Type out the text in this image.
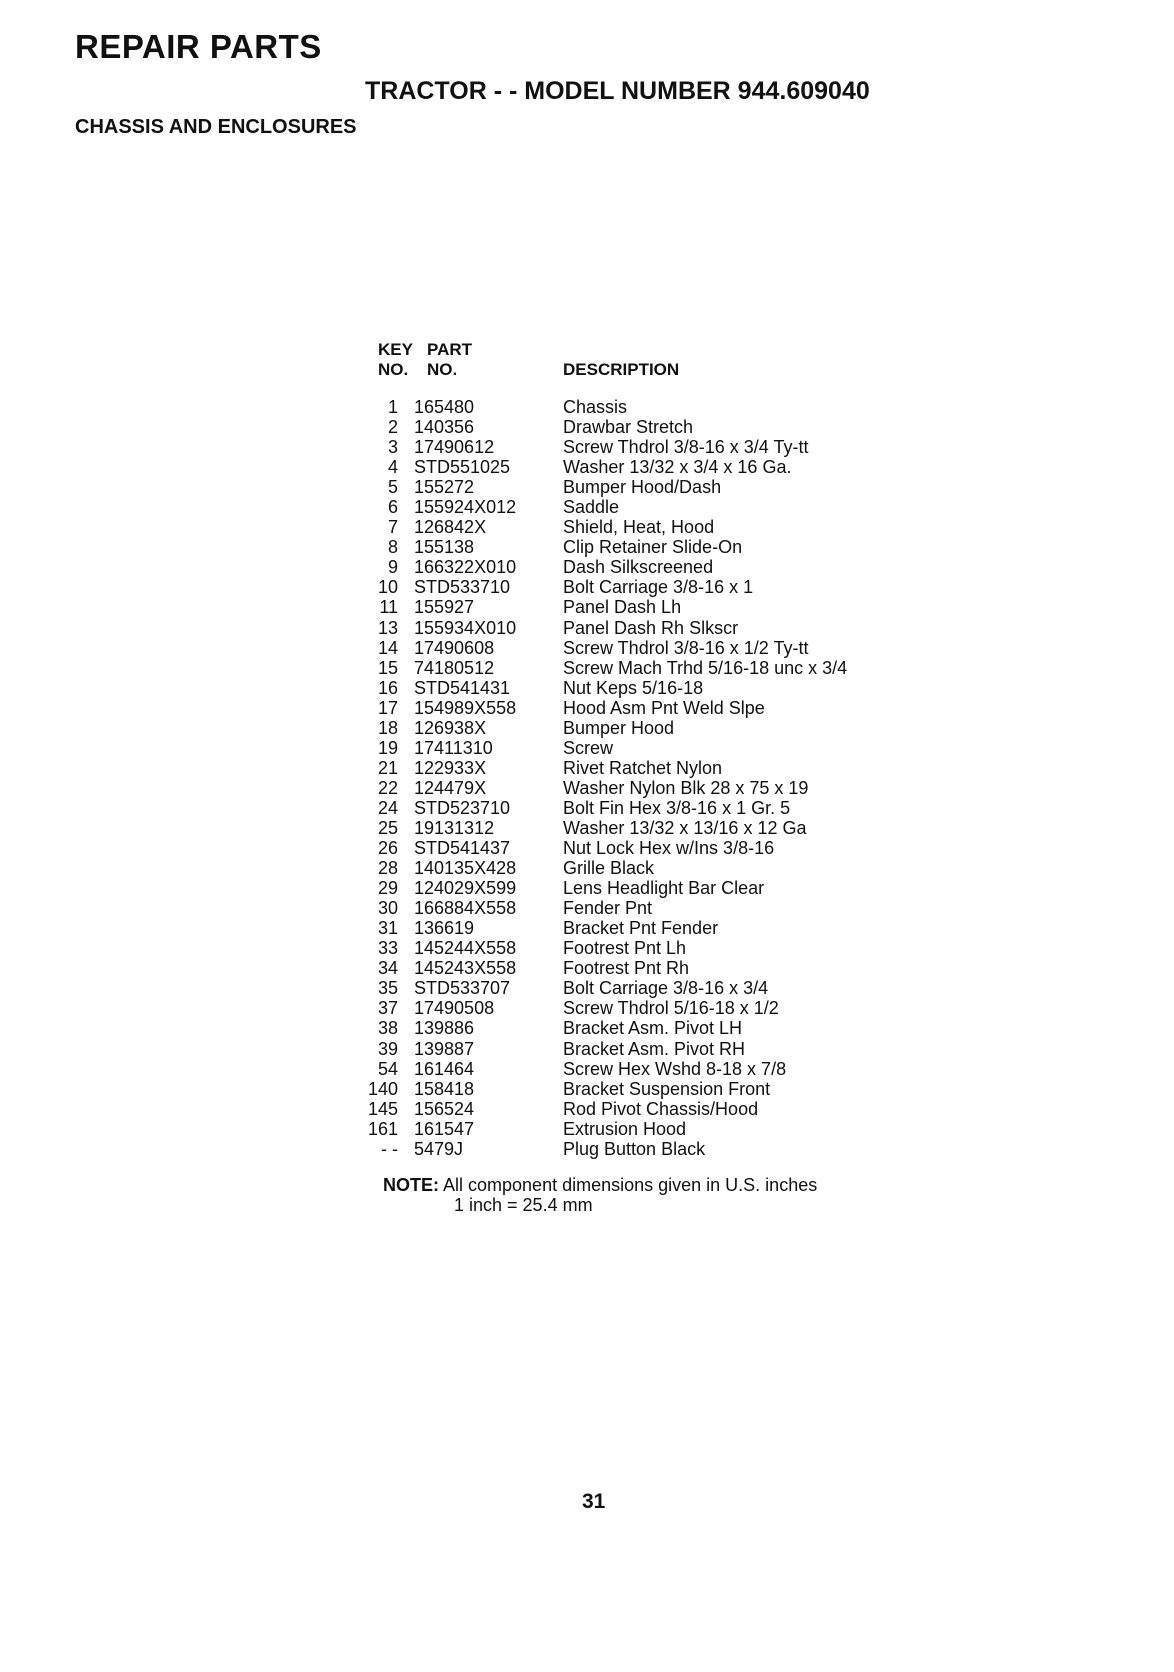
REPAIR PARTS
TRACTOR - - MODEL NUMBER 944.609040
CHASSIS AND ENCLOSURES
KEY
NO.
PART
NO.	DESCRIPTION
1 165480	Chassis
2 140356	Drawbar Stretch
3 17490612	Screw Thdrol 3/8-16 x 3/4 Ty-tt
4 STD551025	Washer 13/32 x 3/4 x 16 Ga.
5 155272	Bumper Hood/Dash
6 155924X012	Saddle
7 126842X	Shield, Heat, Hood
8 155138	Clip Retainer Slide-On
9 166322X010	Dash Silkscreened
10 STD533710	Bolt Carriage 3/8-16 x 1
11 155927	Panel Dash Lh
13 155934X010	Panel Dash Rh Slkscr
14 17490608	Screw Thdrol 3/8-16 x 1/2 Ty-tt
15 74180512	Screw Mach Trhd 5/16-18 unc x 3/4
16 STD541431	Nut Keps 5/16-18
17 154989X558	Hood Asm Pnt Weld Slpe
18 126938X	Bumper Hood
19 17411310	Screw
21 122933X	Rivet Ratchet Nylon
22 124479X	Washer Nylon Blk 28 x 75 x 19
24 STD523710	Bolt Fin Hex 3/8-16 x 1 Gr. 5
25 19131312	Washer 13/32 x 13/16 x 12 Ga
26 STD541437	Nut Lock Hex w/Ins 3/8-16
28 140135X428	Grille Black
29 124029X599	Lens Headlight Bar Clear
30 166884X558	Fender Pnt
31 136619	Bracket Pnt Fender
33 145244X558	Footrest Pnt Lh
34 145243X558	Footrest Pnt Rh
35 STD533707	Bolt Carriage 3/8-16 x 3/4
37 17490508	Screw Thdrol 5/16-18 x 1/2
38 139886	Bracket Asm. Pivot LH
39 139887	Bracket Asm. Pivot RH
54 161464	Screw Hex Wshd 8-18 x 7/8
140 158418	Bracket Suspension Front
145 156524	Rod Pivot Chassis/Hood
161 161547	Extrusion Hood
- - 5479J	Plug Button Black
NOTE: All component dimensions given in U.S. inches
1 inch = 25.4 mm
31
